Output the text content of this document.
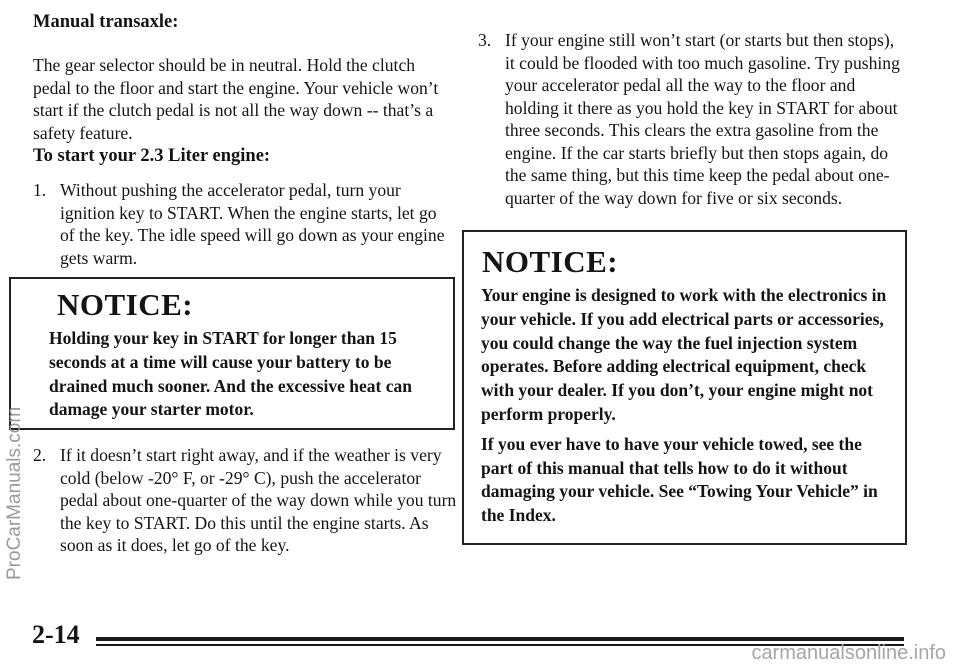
Manual transaxle:

The gear selector should be in neutral. Hold the clutch pedal to the floor and start the engine. Your vehicle won’t start if the clutch pedal is not all the way down -- that’s a safety feature.

To start your 2.3 Liter engine:
1. Without pushing the accelerator pedal, turn your ignition key to START. When the engine starts, let go of the key. The idle speed will go down as your engine gets warm.
NOTICE:
Holding your key in START for longer than 15 seconds at a time will cause your battery to be drained much sooner. And the excessive heat can damage your starter motor.
2. If it doesn’t start right away, and if the weather is very cold (below -20° F, or -29° C), push the accelerator pedal about one-quarter of the way down while you turn the key to START. Do this until the engine starts. As soon as it does, let go of the key.
3. If your engine still won’t start (or starts but then stops), it could be flooded with too much gasoline. Try pushing your accelerator pedal all the way to the floor and holding it there as you hold the key in START for about three seconds. This clears the extra gasoline from the engine. If the car starts briefly but then stops again, do the same thing, but this time keep the pedal about one-quarter of the way down for five or six seconds.
NOTICE:

Your engine is designed to work with the electronics in your vehicle. If you add electrical parts or accessories, you could change the way the fuel injection system operates. Before adding electrical equipment, check with your dealer. If you don’t, your engine might not perform properly.

If you ever have to have your vehicle towed, see the part of this manual that tells how to do it without damaging your vehicle. See “Towing Your Vehicle” in the Index.

ProCarManuals.com
2-14
carmanualsonline.info
